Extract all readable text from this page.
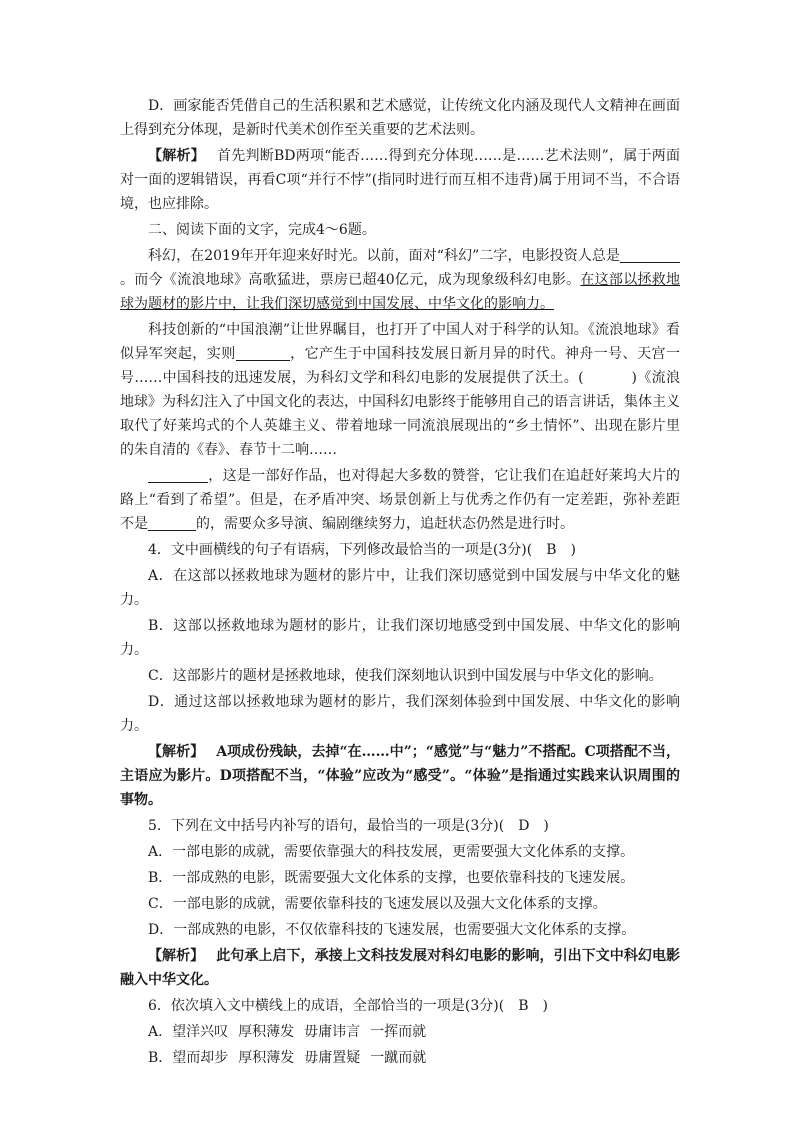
D．画家能否凭借自己的生活积累和艺术感觉，让传统文化内涵及现代人文精神在画面上得到充分体现，是新时代美术创作至关重要的艺术法则。

【解析】 首先判断BD两项“能否……得到充分体现……是……艺术法则”，属于两面对一面的逻辑错误，再看C项“并行不悖”(指同时进行而互相不违背)属于用词不当，不合语境，也应排除。

二、阅读下面的文字，完成4～6题。

科幻，在2019年开年迎来好时光。以前，面对“科幻”二字，电影投资人总是。而今《流浪地球》高歌猛进，票房已超40亿元，成为现象级科幻电影。在这部以拯救地球为题材的影片中，让我们深切感觉到中国发展、中华文化的影响力。

科技创新的“中国浪潮”让世界瞩目，也打开了中国人对于科学的认知。《流浪地球》看似异军突起，实则	，它产生于中国科技发展日新月异的时代。神舟一号、天宫一号……中国科技的迅速发展，为科幻文学和科幻电影的发展提供了沃土。(	)《流浪地球》为科幻注入了中国文化的表达，中国科幻电影终于能够用自己的语言讲话，集体主义取代了好莱坞式的个人英雄主义、带着地球一同流浪展现出的“乡土情怀”、出现在影片里的朱自清的《春》、春节十二响……

，这是一部好作品，也对得起大多数的赞誉，它让我们在追赶好莱坞大片的路上“看到了希望”。但是，在矛盾冲突、场景创新上与优秀之作仍有一定差距，弥补差距不是	的，需要众多导演、编剧继续努力，追赶状态仍然是进行时。

4．文中画横线的句子有语病，下列修改最恰当的一项是(3分)(　B　)

A．在这部以拯救地球为题材的影片中，让我们深切感觉到中国发展与中华文化的魅力。

B．这部以拯救地球为题材的影片，让我们深切地感受到中国发展、中华文化的影响力。

C．这部影片的题材是拯救地球，使我们深刻地认识到中国发展与中华文化的影响。

D．通过这部以拯救地球为题材的影片，我们深刻体验到中国发展、中华文化的影响力。

【解析】 A项成份残缺，去掉“在……中”；“感觉”与“魅力”不搭配。C项搭配不当，主语应为影片。D项搭配不当，“体验”应改为“感受”。“体验”是指通过实践来认识周围的事物。

5．下列在文中括号内补写的语句，最恰当的一项是(3分)(　D　)

A．一部电影的成就，需要依靠强大的科技发展，更需要强大文化体系的支撑。

B．一部成熟的电影，既需要强大文化体系的支撑，也要依靠科技的飞速发展。

C．一部电影的成就，需要依靠科技的飞速发展以及强大文化体系的支撑。

D．一部成熟的电影，不仅依靠科技的飞速发展，也需要强大文化体系的支撑。

【解析】 此句承上启下，承接上文科技发展对科幻电影的影响，引出下文中科幻电影融入中华文化。

6．依次填入文中横线上的成语，全部恰当的一项是(3分)(　B　)

A．望洋兴叹 厚积薄发 毋庸讳言 一挥而就

B．望而却步 厚积薄发 毋庸置疑 一蹴而就
